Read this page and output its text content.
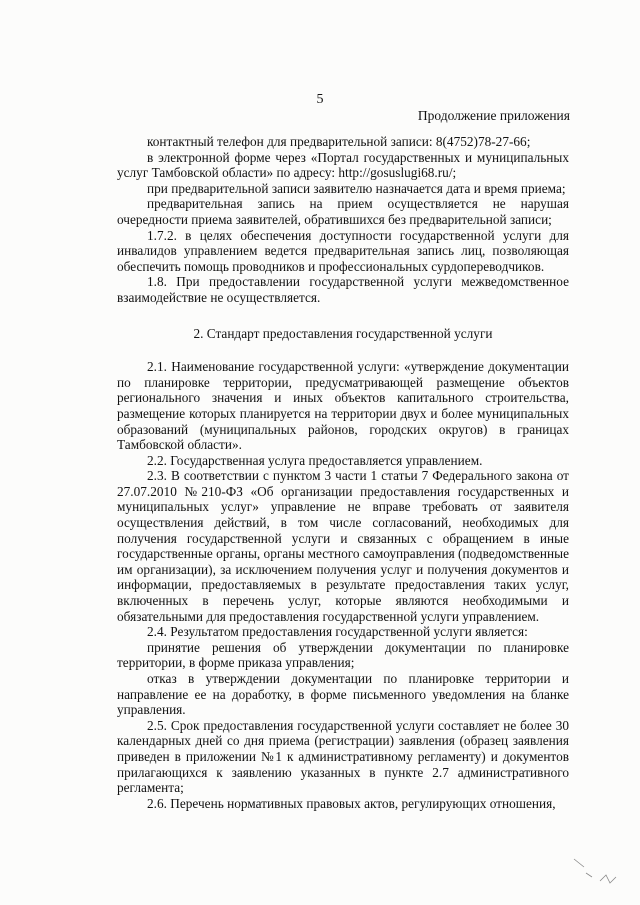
5
Продолжение приложения

контактный телефон для предварительной записи: 8(4752)78-27-66;

в электронной форме через «Портал государственных и муниципальных услуг Тамбовской области» по адресу: http://gosuslugi68.ru/;

при предварительной записи заявителю назначается дата и время приема;

предварительная запись на прием осуществляется не нарушая очередности приема заявителей, обратившихся без предварительной записи;

1.7.2. в целях обеспечения доступности государственной услуги для инвалидов управлением ведется предварительная запись лиц, позволяющая обеспечить помощь проводников и профессиональных сурдопереводчиков.

1.8. При предоставлении государственной услуги межведомственное взаимодействие не осуществляется.

2. Стандарт предоставления государственной услуги

2.1. Наименование государственной услуги: «утверждение документации по планировке территории, предусматривающей размещение объектов регионального значения и иных объектов капитального строительства, размещение которых планируется на территории двух и более муниципальных образований (муниципальных районов, городских округов) в границах Тамбовской области».

2.2. Государственная услуга предоставляется управлением.

2.3. В соответствии с пунктом 3 части 1 статьи 7 Федерального закона от 27.07.2010 №210-ФЗ «Об организации предоставления государственных и муниципальных услуг» управление не вправе требовать от заявителя осуществления действий, в том числе согласований, необходимых для получения государственной услуги и связанных с обращением в иные государственные органы, органы местного самоуправления (подведомственные им организации), за исключением получения услуг и получения документов и информации, предоставляемых в результате предоставления таких услуг, включенных в перечень услуг, которые являются необходимыми и обязательными для предоставления государственной услуги управлением.

2.4. Результатом предоставления государственной услуги является:

принятие решения об утверждении документации по планировке территории, в форме приказа управления;

отказ в утверждении документации по планировке территории и направление ее на доработку, в форме письменного уведомления на бланке управления.

2.5. Срок предоставления государственной услуги составляет не более 30 календарных дней со дня приема (регистрации) заявления (образец заявления приведен в приложении №1 к административному регламенту) и документов прилагающихся к заявлению указанных в пункте 2.7 административного регламента;

2.6. Перечень нормативных правовых актов, регулирующих отношения,
